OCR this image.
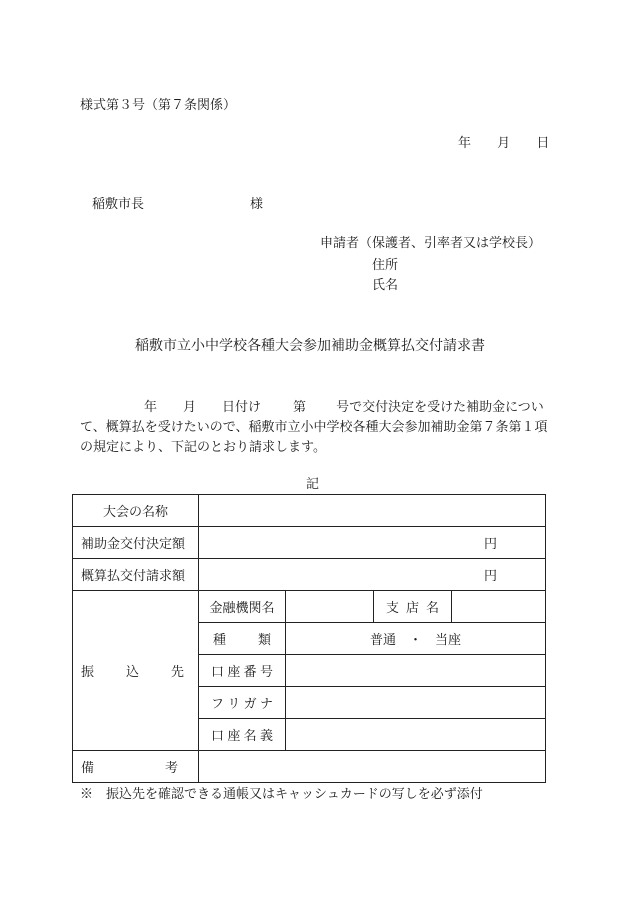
様式第３号（第７条関係）
年 月 日
稲敷市長	様
申請者（保護者、引率者又は学校長）
住所
氏名
稲敷市立小中学校各種大会参加補助金概算払交付請求書
年 月 日付け 第 号で交付決定を受けた補助金について、概算払を受けたいので、稲敷市立小中学校各種大会参加補助金第７条第１項の規定により、下記のとおり請求します。
記
大会の名称				
補助金交付決定額	円			
概算払交付請求額	円			

振 込 先	金融機関名		支 店 名	

	種 類	普通　・　当座		

	口 座 番 号			

	フ リ ガ ナ			

	口 座 名 義			

備 考				

※　 振込先を確認できる通帳又はキャッシュカードの写しを必ず添付
